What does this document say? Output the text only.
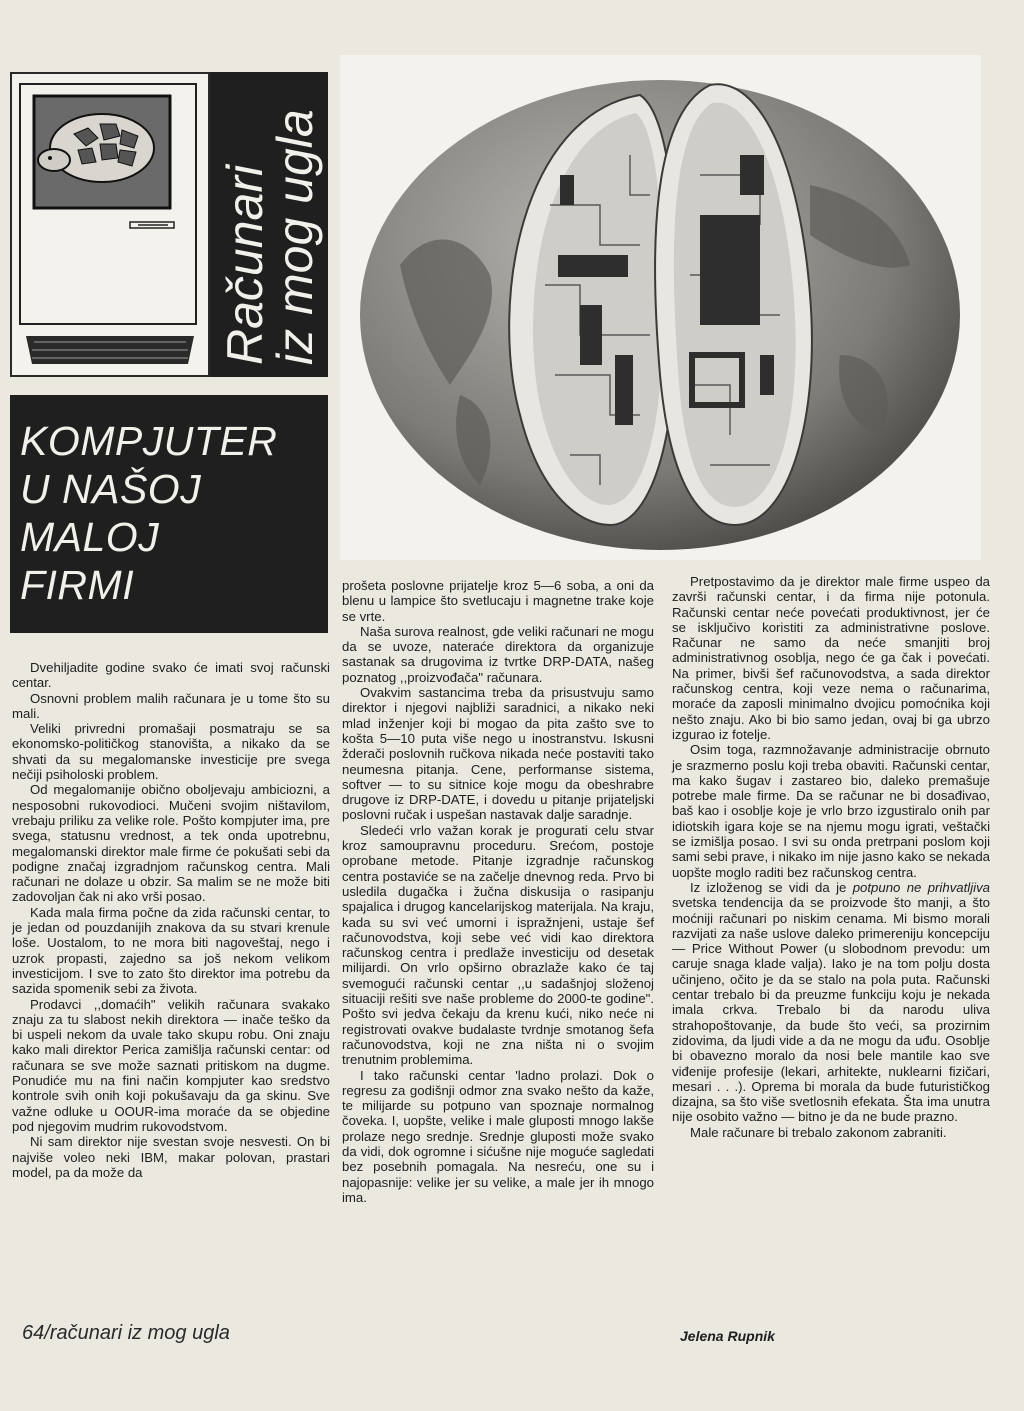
Računari
iz mog ugla
KOMPJUTER
U NAŠOJ
MALOJ
FIRMI

Dvehiljadite godine svako će imati svoj računski centar.

Osnovni problem malih računara je u tome što su mali.

Veliki privredni promašaji posmatraju se sa ekonomsko-političkog stanovišta, a nikako da se shvati da su megalomanske investicije pre svega nečiji psiholoski problem.

Od megalomanije obično oboljevaju ambiciozni, a nesposobni rukovodioci. Mučeni svojim ništavilom, vrebaju priliku za velike role. Pošto kompjuter ima, pre svega, statusnu vrednost, a tek onda upotrebnu, megalomanski direktor male firme će pokušati sebi da podigne značaj izgradnjom računskog centra. Mali računari ne dolaze u obzir. Sa malim se ne može biti zadovoljan čak ni ako vrši posao.

Kada mala firma počne da zida računski centar, to je jedan od pouzdanijih znakova da su stvari krenule loše. Uostalom, to ne mora biti nagoveštaj, nego i uzrok propasti, zajedno sa još nekom velikom investicijom. I sve to zato što direktor ima potrebu da sazida spomenik sebi za života.

Prodavci ,,domaćih" velikih računara svakako znaju za tu slabost nekih direktora — inače teško da bi uspeli nekom da uvale tako skupu robu. Oni znaju kako mali direktor Perica zamišlja računski centar: od računara se sve može saznati pritiskom na dugme. Ponudiće mu na fini način kompjuter kao sredstvo kontrole svih onih koji pokušavaju da ga skinu. Sve važne odluke u OOUR-ima moraće da se objedine pod njegovim mudrim rukovodstvom.

Ni sam direktor nije svestan svoje nesvesti. On bi najviše voleo neki IBM, makar polovan, prastari model, pa da može da

prošeta poslovne prijatelje kroz 5—6 soba, a oni da blenu u lampice što svetlucaju i magnetne trake koje se vrte.

Naša surova realnost, gde veliki računari ne mogu da se uvoze, nateraće direktora da organizuje sastanak sa drugovima iz tvrtke DRP-DATA, našeg poznatog ,,proizvođača" računara.

Ovakvim sastancima treba da prisustvuju samo direktor i njegovi najbliži saradnici, a nikako neki mlad inženjer koji bi mogao da pita zašto sve to košta 5—10 puta više nego u inostranstvu. Iskusni žderači poslovnih ručkova nikada neće postaviti tako neumesna pitanja. Cene, performanse sistema, softver — to su sitnice koje mogu da obeshrabre drugove iz DRP-DATE, i dovedu u pitanje prijateljski poslovni ručak i uspešan nastavak dalje saradnje.

Sledeći vrlo važan korak je progurati celu stvar kroz samoupravnu proceduru. Srećom, postoje oprobane metode. Pitanje izgradnje računskog centra postaviće se na začelje dnevnog reda. Prvo bi usledila dugačka i žučna diskusija o rasipanju spajalica i drugog kancelarijskog materijala. Na kraju, kada su svi već umorni i ispražnjeni, ustaje šef računovodstva, koji sebe već vidi kao direktora računskog centra i predlaže investiciju od desetak milijardi. On vrlo opširno obrazlaže kako će taj svemogući računski centar ,,u sadašnjoj složenoj situaciji rešiti sve naše probleme do 2000-te godine". Pošto svi jedva čekaju da krenu kući, niko neće ni registrovati ovakve budalaste tvrdnje smotanog šefa računovodstva, koji ne zna ništa ni o svojim trenutnim problemima.

I tako računski centar 'ladno prolazi. Dok o regresu za godišnji odmor zna svako nešto da kaže, te milijarde su potpuno van spoznaje normalnog čoveka. I, uopšte, velike i male gluposti mnogo lakše prolaze nego srednje. Srednje gluposti može svako da vidi, dok ogromne i sićušne nije moguće sagledati bez posebnih pomagala. Na nesreću, one su i najopasnije: velike jer su velike, a male jer ih mnogo ima.

Pretpostavimo da je direktor male firme uspeo da završi računski centar, i da firma nije potonula. Računski centar neće povećati produktivnost, jer će se isključivo koristiti za administrativne poslove. Računar ne samo da neće smanjiti broj administrativnog osoblja, nego će ga čak i povećati. Na primer, bivši šef računovodstva, a sada direktor računskog centra, koji veze nema o računarima, moraće da zaposli minimalno dvojicu pomoćnika koji nešto znaju. Ako bi bio samo jedan, ovaj bi ga ubrzo izgurao iz fotelje.

Osim toga, razmnožavanje administracije obrnuto je srazmerno poslu koji treba obaviti. Računski centar, ma kako šugav i zastareo bio, daleko premašuje potrebe male firme. Da se računar ne bi dosađivao, baš kao i osoblje koje je vrlo brzo izgustiralo onih par idiotskih igara koje se na njemu mogu igrati, veštački se izmišlja posao. I svi su onda pretrpani poslom koji sami sebi prave, i nikako im nije jasno kako se nekada uopšte moglo raditi bez računskog centra.

Iz izloženog se vidi da je potpuno ne prihvatljiva svetska tendencija da se proizvode što manji, a što moćniji računari po niskim cenama. Mi bismo morali razvijati za naše uslove daleko primereniju koncepciju — Price Without Power (u slobodnom prevodu: um caruje snaga klade valja). Iako je na tom polju dosta učinjeno, očito je da se stalo na pola puta. Računski centar trebalo bi da preuzme funkciju koju je nekada imala crkva. Trebalo bi da narodu uliva strahopoštovanje, da bude što veći, sa prozirnim zidovima, da ljudi vide a da ne mogu da uđu. Osoblje bi obavezno moralo da nosi bele mantile kao sve viđenije profesije (lekari, arhitekte, nuklearni fizičari, mesari . . .). Oprema bi morala da bude futurističkog dizajna, sa što više svetlosnih efekata. Šta ima unutra nije osobito važno — bitno je da ne bude prazno.

Male računare bi trebalo zakonom zabraniti.

Jelena Rupnik
64/računari iz mog ugla
